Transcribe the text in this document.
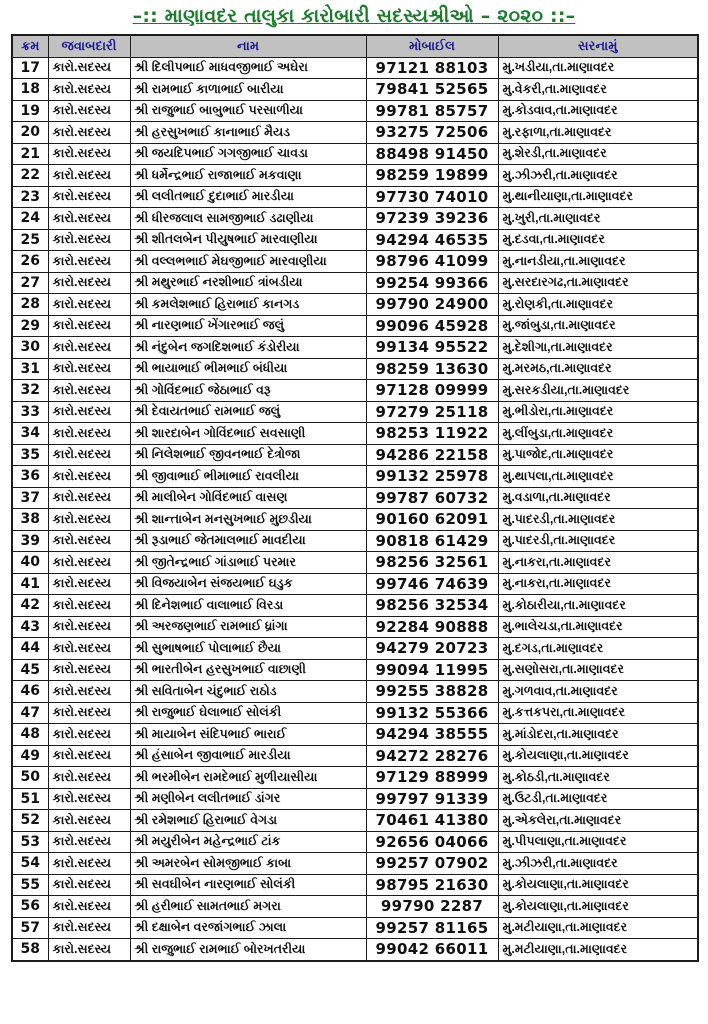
–:: માણાવદર તાલુકા કારોબારી સદસ્યશ્રીઓ – ૨૦૨૦ ::–
ક્રમ	જવાબદારી	નામ	મોબાઈલ	સરનામું
17	કારો.સદસ્ય	શ્રી દિલીપભાઈ માધવજીભાઈ અઘેરા	97121 88103	મુ.ખડીયા,તા.માણાવદર
18	કારો.સદસ્ય	શ્રી રામભાઈ કાળાભાઈ બારીયા	79841 52565	મુ.વેકરી,તા.માણાવદર
19	કારો.સદસ્ય	શ્રી રાજુભાઈ બાબુભાઈ પરસાળીયા	99781 85757	મુ.કોડવાવ,તા.માણાવદર
20	કારો.સદસ્ય	શ્રી હરસુખભાઈ કાનાભાઈ મૈયડ	93275 72506	મુ.રફાળા,તા.માણાવદર
21	કારો.સદસ્ય	શ્રી જયદિપભાઈ ગગજીભાઈ ચાવડા	88498 91450	મુ.શેરડી,તા.માણાવદર
22	કારો.સદસ્ય	શ્રી ધર્મેન્દ્રભાઈ રાજાભાઈ મકવાણા	98259 19899	મુ.ઝીઝરી,તા.માણાવદર
23	કારો.સદસ્ય	શ્રી લલીતભાઈ દુદાભાઈ મારડીયા	97730 74010	મુ.થાનીયાણા,તા.માણાવદર
24	કારો.સદસ્ય	શ્રી ધીરજલાલ સામજીભાઈ ડઢાણીયા	97239 39236	મુ.ખુરી,તા.માણાવદર
25	કારો.સદસ્ય	શ્રી શીતલબેન પીયુષભાઈ મારવાણીયા	94294 46535	મુ.દડવા,તા.માણાવદર
26	કારો.સદસ્ય	શ્રી વલ્લભભાઈ મેઘજીભાઈ મારવાણીયા	98796 41099	મુ.નાનડીયા,તા.માણાવદર
27	કારો.સદસ્ય	શ્રી મથુરભાઈ નરશીભાઈ ત્રાંબડીયા	99254 99366	મુ.સરદારગઢ,તા.માણાવદર
28	કારો.સદસ્ય	શ્રી કમલેશભાઈ હિરાભાઈ કાનગડ	99790 24900	મુ.રોણકી,તા.માણાવદર
29	કારો.સદસ્ય	શ્રી નારણભાઈ ખેંગારભાઈ જલું	99096 45928	મુ.જાંબુડા,તા.માણાવદર
30	કારો.સદસ્ય	શ્રી નંદુબેન જગદિશભાઈ કંડોરીયા	99134 95522	મુ.દેશીગા,તા.માણાવદર
31	કારો.સદસ્ય	શ્રી ભાયાભાઈ ભીમભાઈ બંધીયા	98259 13630	મુ.મરમઠ,તા.માણાવદર
32	કારો.સદસ્ય	શ્રી ગોવિંદભાઈ જેઠાભાઈ વરૂ	97128 09999	મુ.સરકડીયા,તા.માણાવદર
33	કારો.સદસ્ય	શ્રી દેવાયતભાઈ રામભાઈ જલું	97279 25118	મુ.ભીડોરા,તા.માણાવદર
34	કારો.સદસ્ય	શ્રી શારદાબેન ગોવિંદભાઈ સવસાણી	98253 11922	મુ.લીંબુડા,તા.માણાવદર
35	કારો.સદસ્ય	શ્રી નિલેશભાઈ જીવનભાઈ દેત્રોજા	94286 22158	મુ.પાજોદ,તા.માણાવદર
36	કારો.સદસ્ય	શ્રી જીવાભાઈ ભીમાભાઈ રાવલીયા	99132 25978	મુ.થાપલા,તા.માણાવદર
37	કારો.સદસ્ય	શ્રી માલીબેન ગોવિંદભાઈ વાસણ	99787 60732	મુ.વડાળા,તા.માણાવદર
38	કારો.સદસ્ય	શ્રી શાન્તાબેન મનસુખભાઈ મુછડીયા	90160 62091	મુ.પાદરડી,તા.માણાવદર
39	કારો.સદસ્ય	શ્રી રૂડાભાઈ જેતમાલભાઈ માવદીયા	90818 61429	મુ.પાદરડી,તા.માણાવદર
40	કારો.સદસ્ય	શ્રી જીતેન્દ્રભાઈ ગાંડાભાઈ પરમાર	98256 32561	મુ.નાકરા,તા.માણાવદર
41	કારો.સદસ્ય	શ્રી વિજયાબેન સંજયભાઈ ઘડુક	99746 74639	મુ.નાકરા,તા.માણાવદર
42	કારો.સદસ્ય	શ્રી દિનેશભાઈ વાલાભાઈ વિરડા	98256 32534	મુ.કોઠારીયા,તા.માણાવદર
43	કારો.સદસ્ય	શ્રી અરજણભાઈ રામભાઈ ધ્રાંગા	92284 90888	મુ.ભાલેચડા,તા.માણાવદર
44	કારો.સદસ્ય	શ્રી સુભાષભાઈ પોલાભાઈ છૈયા	94279 20723	મુ.દગડ,તા.માણાવદર
45	કારો.સદસ્ય	શ્રી ભારતીબેન હરસુખભાઈ વાછાણી	99094 11995	મુ.સણોસરા,તા.માણાવદર
46	કારો.સદસ્ય	શ્રી સવિતાબેન ચંદુભાઈ રાઠોડ	99255 38828	મુ.ગળવાવ,તા.માણાવદર
47	કારો.સદસ્ય	શ્રી રાજુભાઈ ઘેલાભાઈ સોલંકી	99132 55366	મુ.કત્તકપરા,તા.માણાવદર
48	કારો.સદસ્ય	શ્રી માયાબેન સંદિપભાઈ ભારાઈ	94294 38555	મુ.માંડોદરા,તા.માણાવદર
49	કારો.સદસ્ય	શ્રી હંસાબેન જીવાભાઈ મારડીયા	94272 28276	મુ.કોયલાણા,તા.માણાવદર
50	કારો.સદસ્ય	શ્રી ભરમીબેન રામદેભાઈ મુળીયાસીયા	97129 88999	મુ.કોઠડી,તા.માણાવદર
51	કારો.સદસ્ય	શ્રી મણીબેન લલીતભાઈ ડાંગર	99797 91339	મુ.ઉટડી,તા.માણાવદર
52	કારો.સદસ્ય	શ્રી રમેશભાઈ હિરાભાઈ વેગડા	70461 41380	મુ.એકલેરા,તા.માણાવદર
53	કારો.સદસ્ય	શ્રી મયુરીબેન મહેન્દ્રભાઈ ટાંક	92656 04066	મુ.પીપલાણા,તા.માણાવદર
54	કારો.સદસ્ય	શ્રી અમરબેન સોમજીભાઈ કાબા	99257 07902	મુ.ઝીઝરી,તા.માણાવદર
55	કારો.સદસ્ય	શ્રી સવઘીબેન નારણભાઈ સોલંકી	98795 21630	મુ.કોયલાણા,તા.માણાવદર
56	કારો.સદસ્ય	શ્રી હરીભાઈ સામતભાઈ મગરા	99790 2287	મુ.કોયલાણા,તા.માણાવદર
57	કારો.સદસ્ય	શ્રી દક્ષાબેન વરજાંગભાઈ ઝાલા	99257 81165	મુ.મટીયાણા,તા.માણાવદર
58	કારો.સદસ્ય	શ્રી રાજુભાઈ રામભાઈ બોરખતરીયા	99042 66011	મુ.મટીયાણા,તા.માણાવદર
